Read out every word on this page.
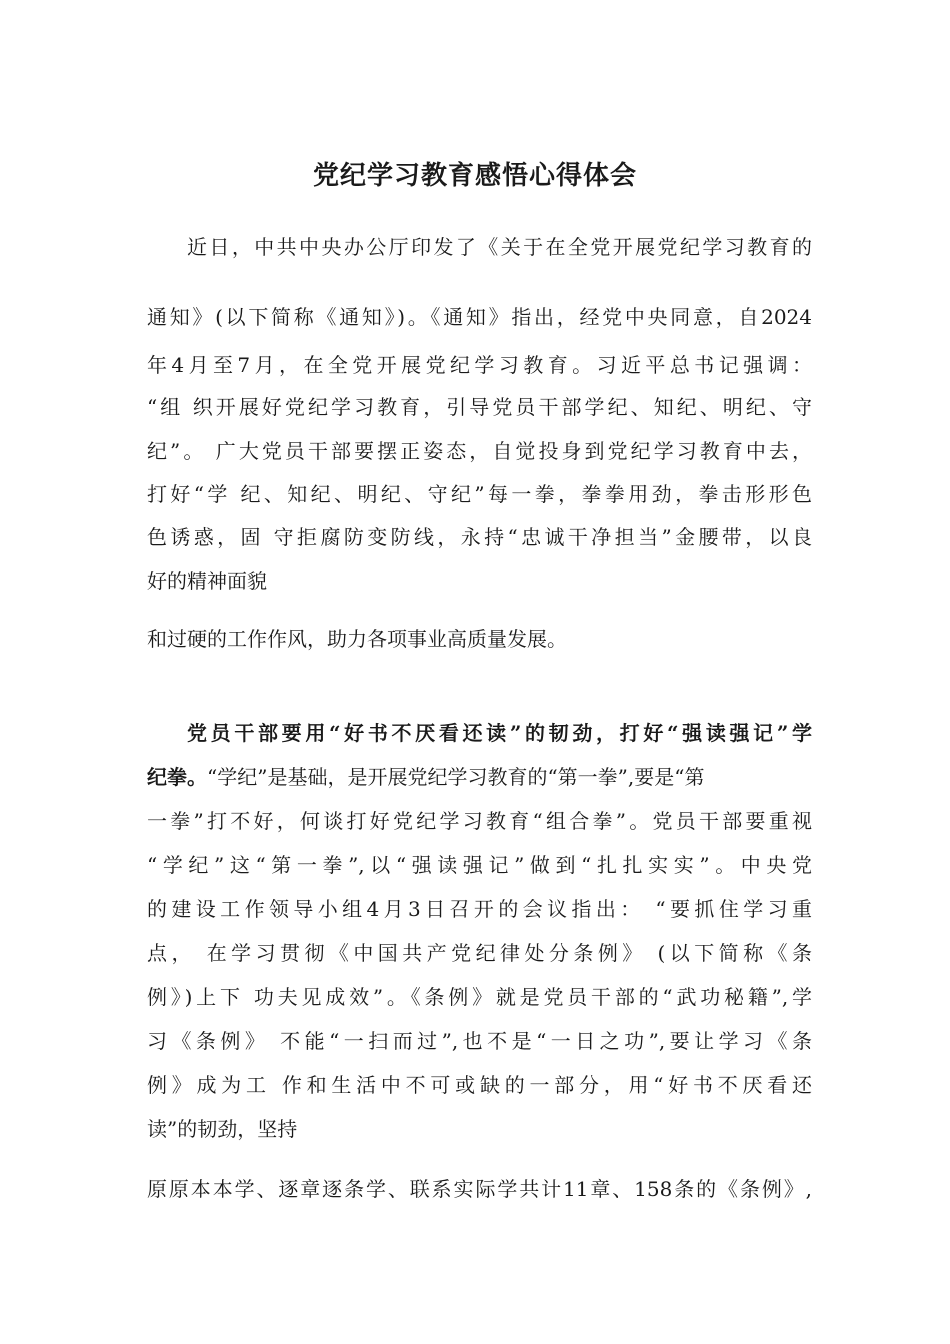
党纪学习教育感悟心得体会
近日，中共中央办公厅印发了《关于在全党开展党纪学习教育的
通知》(以下简称《通知》)。《通知》指出，经党中央同意，自2024
年4月至7月，在全党开展党纪学习教育。习近平总书记强调：
“组 织开展好党纪学习教育，引导党员干部学纪、知纪、明纪、守
纪”。 广大党员干部要摆正姿态，自觉投身到党纪学习教育中去，
打好“学 纪、知纪、明纪、守纪”每一拳，拳拳用劲，拳击形形色
色诱惑，固 守拒腐防变防线，永持“忠诚干净担当”金腰带，以良
好的精神面貌
和过硬的工作作风，助力各项事业高质量发展。
党员干部要用“好书不厌看还读”的韧劲，打好“强读强记”学
纪拳。“学纪”是基础，是开展党纪学习教育的“第一拳”,要是“第
一拳”打不好，何谈打好党纪学习教育“组合拳”。党员干部要重视
“学纪”这“第一拳”,以“强读强记”做到“扎扎实实”。中央党
的建设工作领导小组4月3日召开的会议指出： “要抓住学习重
点， 在学习贯彻《中国共产党纪律处分条例》 (以下简称《条
例》)上下 功夫见成效”。《条例》就是党员干部的“武功秘籍”,学
习《条例》 不能“一扫而过”,也不是“一日之功”,要让学习《条
例》成为工 作和生活中不可或缺的一部分，用“好书不厌看还
读”的韧劲，坚持
原原本本学、逐章逐条学、联系实际学共计11章、158条的《条例》,
